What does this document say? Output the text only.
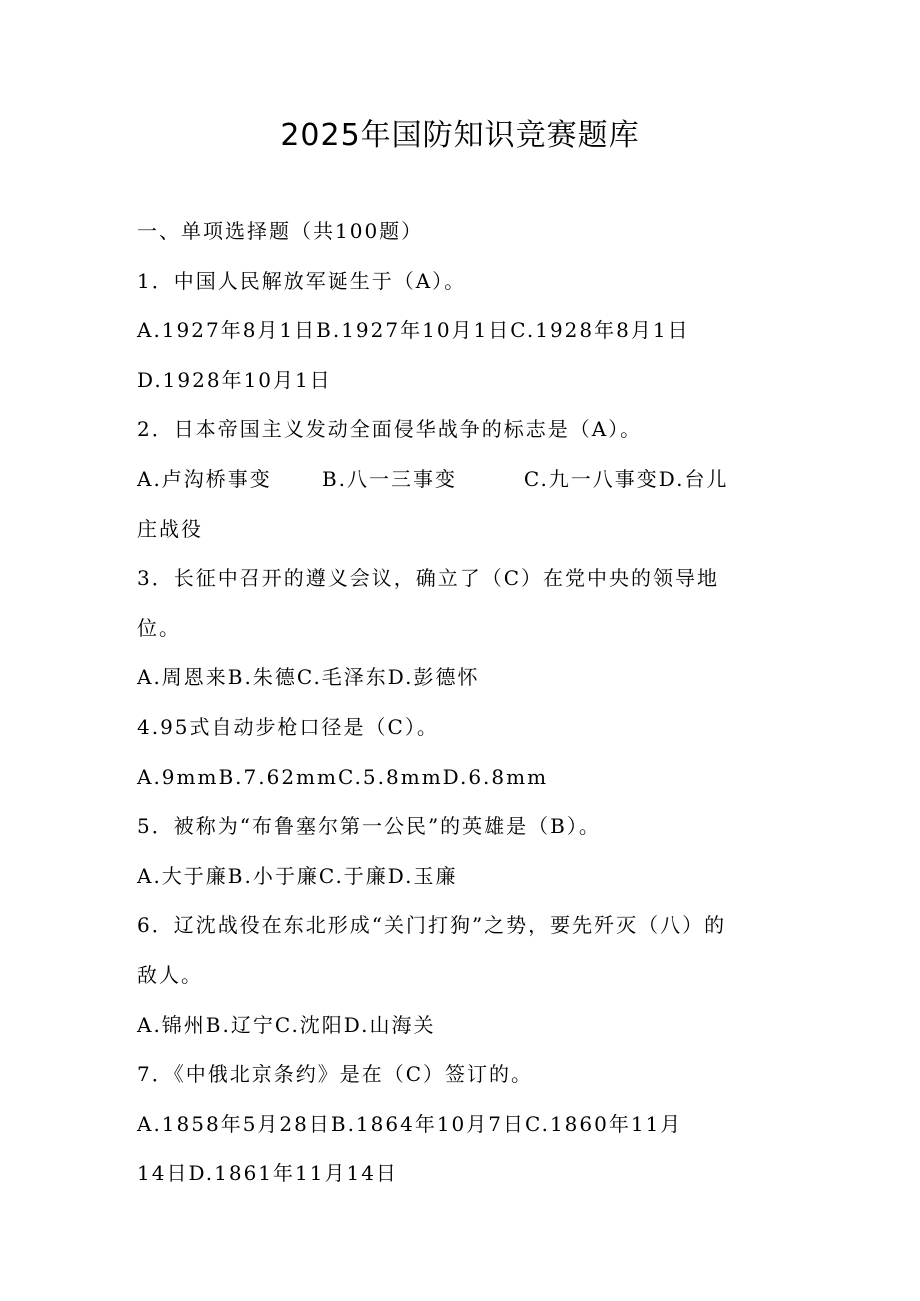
2025年国防知识竞赛题库

一、单项选择题（共100题）

1．中国人民解放军诞生于（A）。

A.1927年8月1日B.1927年10月1日C.1928年8月1日

D.1928年10月1日

2．日本帝国主义发动全面侵华战争的标志是（A）。

A.卢沟桥事变      B.八一三事变        C.九一八事变D.台儿

庄战役

3．长征中召开的遵义会议，确立了（C）在党中央的领导地

位。

A.周恩来B.朱德C.毛泽东D.彭德怀

4.95式自动步枪口径是（C）。

A.9mmB.7.62mmC.5.8mmD.6.8mm

5．被称为“布鲁塞尔第一公民”的英雄是（B）。

A.大于廉B.小于廉C.于廉D.玉廉

6．辽沈战役在东北形成“关门打狗”之势，要先歼灭（八）的

敌人。

A.锦州B.辽宁C.沈阳D.山海关

7．《中俄北京条约》是在（C）签订的。

A.1858年5月28日B.1864年10月7日C.1860年11月

14日D.1861年11月14日
